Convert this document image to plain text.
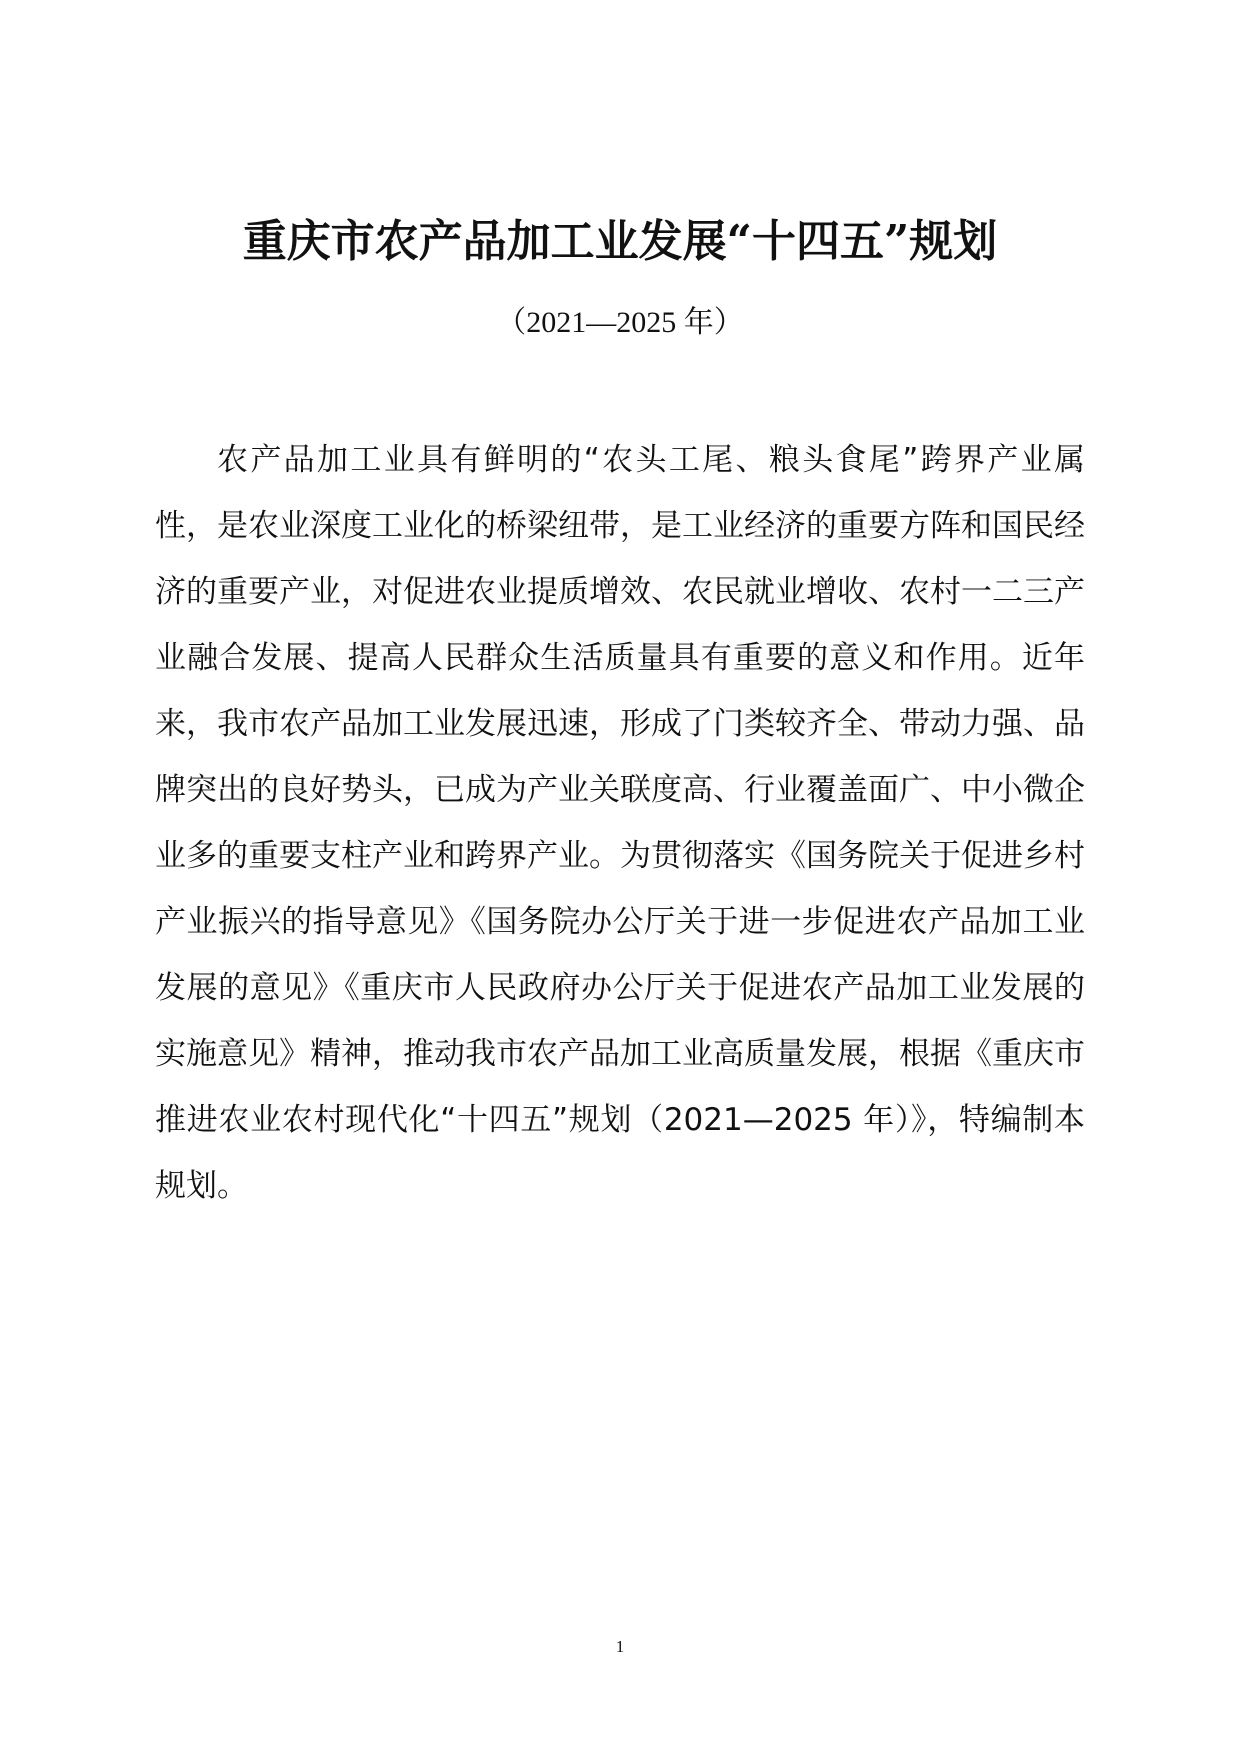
重庆市农产品加工业发展“十四五”规划
（2021—2025 年）

农产品加工业具有鲜明的“农头工尾、粮头食尾”跨界产业属性，是农业深度工业化的桥梁纽带，是工业经济的重要方阵和国民经济的重要产业，对促进农业提质增效、农民就业增收、农村一二三产业融合发展、提高人民群众生活质量具有重要的意义和作用。近年来，我市农产品加工业发展迅速，形成了门类较齐全、带动力强、品牌突出的良好势头，已成为产业关联度高、行业覆盖面广、中小微企业多的重要支柱产业和跨界产业。为贯彻落实《国务院关于促进乡村产业振兴的指导意见》《国务院办公厅关于进一步促进农产品加工业发展的意见》《重庆市人民政府办公厅关于促进农产品加工业发展的实施意见》精神，推动我市农产品加工业高质量发展，根据《重庆市推进农业农村现代化“十四五”规划（2021—2025 年）》，特编制本规划。

1
